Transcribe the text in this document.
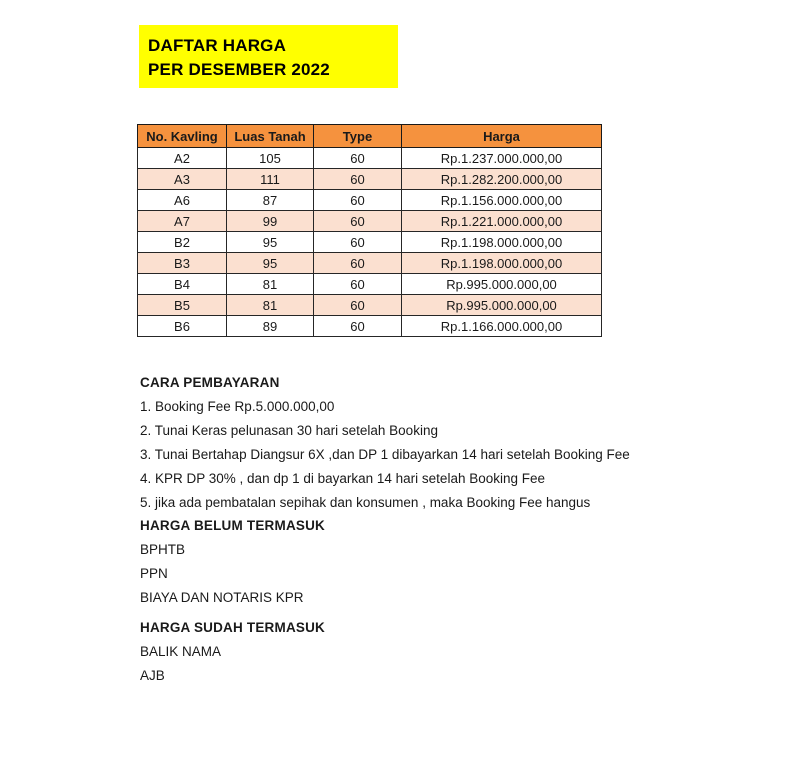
DAFTAR HARGA
PER DESEMBER 2022
No. Kavling	Luas Tanah	Type	Harga
A2	105	60	Rp.1.237.000.000,00
A3	111	60	Rp.1.282.200.000,00
A6	87	60	Rp.1.156.000.000,00
A7	99	60	Rp.1.221.000.000,00
B2	95	60	Rp.1.198.000.000,00
B3	95	60	Rp.1.198.000.000,00
B4	81	60	Rp.995.000.000,00
B5	81	60	Rp.995.000.000,00
B6	89	60	Rp.1.166.000.000,00
CARA PEMBAYARAN
1. Booking Fee Rp.5.000.000,00
2. Tunai Keras pelunasan 30 hari setelah Booking
3. Tunai Bertahap Diangsur 6X ,dan DP 1 dibayarkan 14 hari setelah Booking Fee
4. KPR DP 30% , dan dp 1 di bayarkan 14 hari setelah Booking Fee
5. jika ada pembatalan sepihak dan konsumen , maka Booking Fee hangus
HARGA BELUM TERMASUK
BPHTB
PPN
BIAYA DAN NOTARIS KPR
HARGA SUDAH TERMASUK
BALIK NAMA
AJB
